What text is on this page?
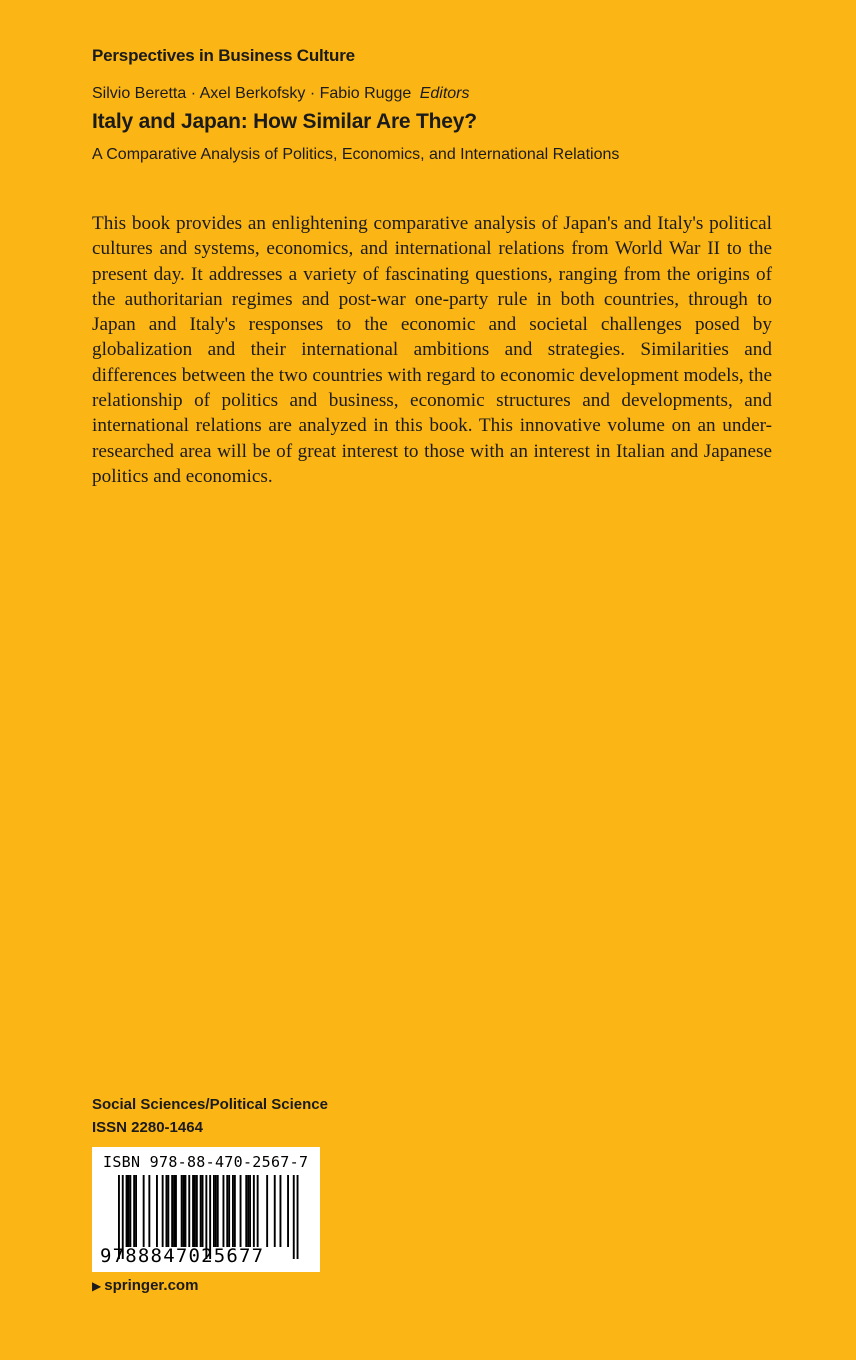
Perspectives in Business Culture
Silvio Beretta · Axel Berkofsky · Fabio Rugge Editors
Italy and Japan: How Similar Are They?
A Comparative Analysis of Politics, Economics, and International Relations

This book provides an enlightening comparative analysis of Japan's and Italy's political cultures and systems, economics, and international relations from World War II to the present day. It addresses a variety of fascinating questions, ranging from the origins of the authoritarian regimes and post-war one-party rule in both countries, through to Japan and Italy's responses to the economic and societal challenges posed by globalization and their international ambitions and strategies. Similarities and differences between the two countries with regard to economic development models, the relationship of politics and business, economic structures and developments, and international relations are analyzed in this book. This innovative volume on an under-researched area will be of great interest to those with an interest in Italian and Japanese politics and economics.

Social Sciences/Political Science
ISSN 2280-1464
ISBN 978-88-470-2567-7
9788847025677
▶ springer.com
